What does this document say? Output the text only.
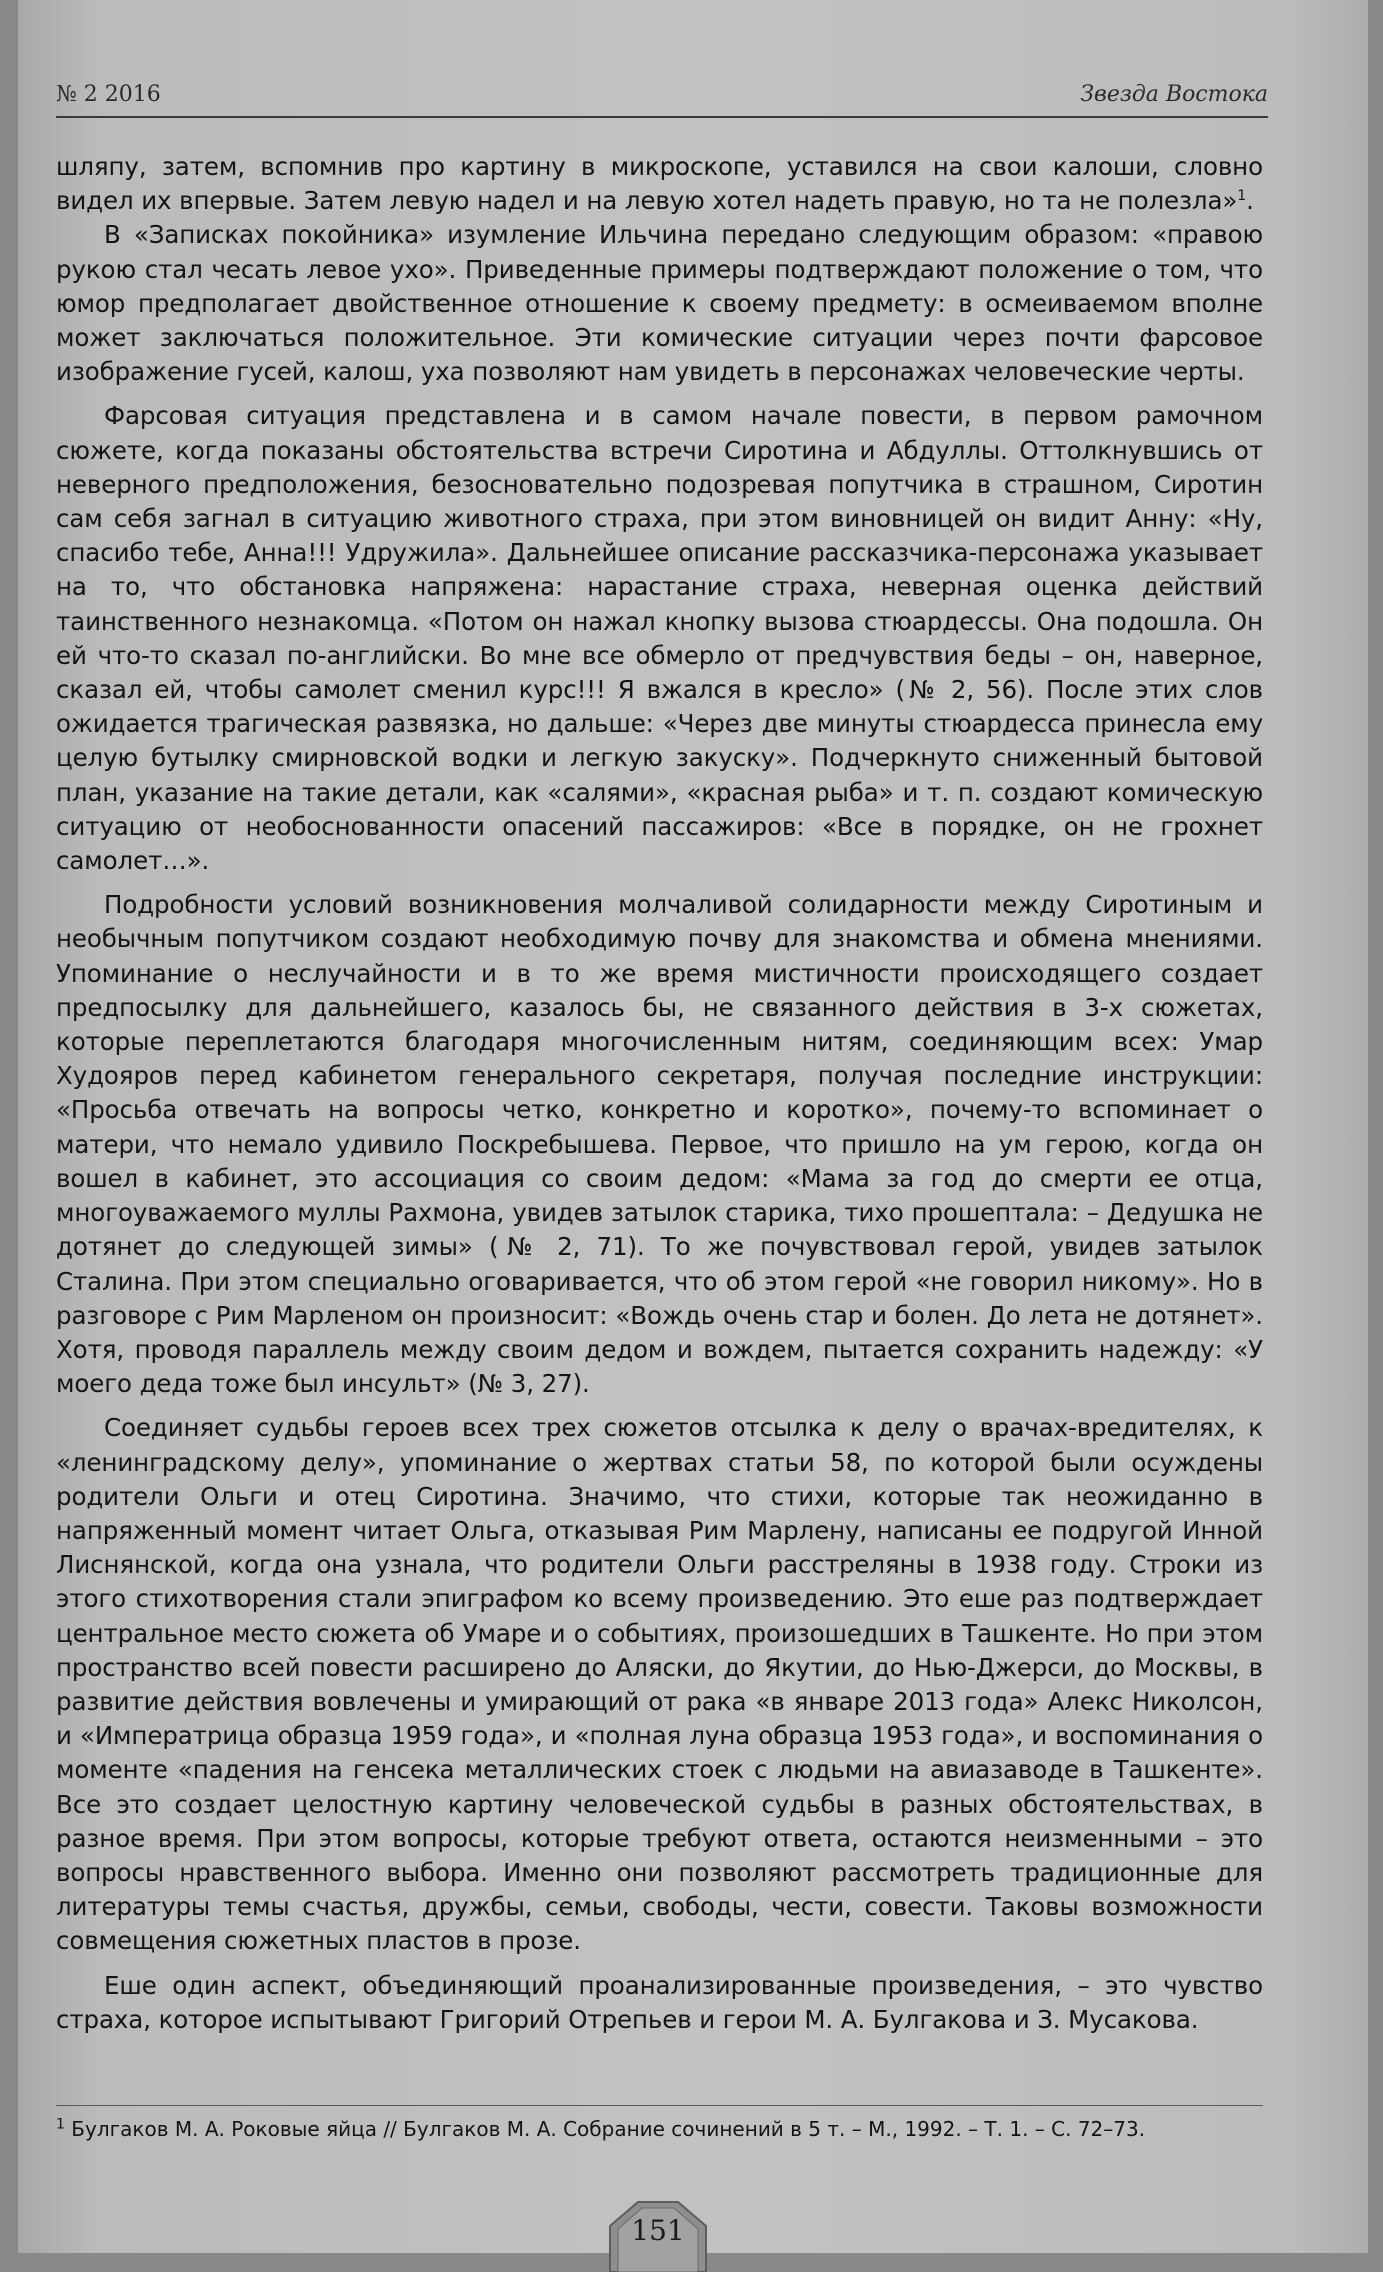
№ 2 2016	Звезда Востока

шляпу, затем, вспомнив про картину в микроскопе, уставился на свои калоши, словно видел их впервые. Затем левую надел и на левую хотел надеть правую, но та не полезла»$^1$.

В «Записках покойника» изумление Ильчина передано следующим образом: «правою рукою стал чесать левое ухо». Приведенные примеры подтверждают положение о том, что юмор предполагает двойственное отношение к своему предмету: в осмеиваемом вполне может заключаться положительное. Эти комические ситуации через почти фарсовое изображение гусей, калош, уха позволяют нам увидеть в персонажах человеческие черты.

Фарсовая ситуация представлена и в самом начале повести, в первом рамочном сюжете, когда показаны обстоятельства встречи Сиротина и Абдуллы. Оттолкнувшись от неверного предположения, безосновательно подозревая попутчика в страшном, Сиротин сам себя загнал в ситуацию животного страха, при этом виновницей он видит Анну: «Ну, спасибо тебе, Анна!!! Удружила». Дальнейшее описание рассказчика-персонажа указывает на то, что обстановка напряжена: нарастание страха, неверная оценка действий таинственного незнакомца. «Потом он нажал кнопку вызова стюардессы. Она подошла. Он ей что-то сказал по-английски. Во мне все обмерло от предчувствия беды – он, наверное, сказал ей, чтобы самолет сменил курс!!! Я вжался в кресло» (№ 2, 56). После этих слов ожидается трагическая развязка, но дальше: «Через две минуты стюардесса принесла ему целую бутылку смирновской водки и легкую закуску». Подчеркнуто сниженный бытовой план, указание на такие детали, как «салями», «красная рыба» и т. п. создают комическую ситуацию от необоснованности опасений пассажиров: «Все в порядке, он не грохнет самолет…».

Подробности условий возникновения молчаливой солидарности между Сиротиным и необычным попутчиком создают необходимую почву для знакомства и обмена мнениями. Упоминание о неслучайности и в то же время мистичности происходящего создает предпосылку для дальнейшего, казалось бы, не связанного действия в 3-х сюжетах, которые переплетаются благодаря многочисленным нитям, соединяющим всех: Умар Худояров перед кабинетом генерального секретаря, получая последние инструкции: «Просьба отвечать на вопросы четко, конкретно и коротко», почему-то вспоминает о матери, что немало удивило Поскребышева. Первое, что пришло на ум герою, когда он вошел в кабинет, это ассоциация со своим дедом: «Мама за год до смерти ее отца, многоуважаемого муллы Рахмона, увидев затылок старика, тихо прошептала: – Дедушка не дотянет до следующей зимы» (№ 2, 71). То же почувствовал герой, увидев затылок Сталина. При этом специально оговаривается, что об этом герой «не говорил никому». Но в разговоре с Рим Марленом он произносит: «Вождь очень стар и болен. До лета не дотянет». Хотя, проводя параллель между своим дедом и вождем, пытается сохранить надежду: «У моего деда тоже был инсульт» (№ 3, 27).

Соединяет судьбы героев всех трех сюжетов отсылка к делу о врачах-вредителях, к «ленинградскому делу», упоминание о жертвах статьи 58, по которой были осуждены родители Ольги и отец Сиротина. Значимо, что стихи, которые так неожиданно в напряженный момент читает Ольга, отказывая Рим Марлену, написаны ее подругой Инной Лиснянской, когда она узнала, что родители Ольги расстреляны в 1938 году. Строки из этого стихотворения стали эпиграфом ко всему произведению. Это еше раз подтверждает центральное место сюжета об Умаре и о событиях, произошедших в Ташкенте. Но при этом пространство всей повести расширено до Аляски, до Якутии, до Нью-Джерси, до Москвы, в развитие действия вовлечены и умирающий от рака «в январе 2013 года» Алекс Николсон, и «Императрица образца 1959 года», и «полная луна образца 1953 года», и воспоминания о моменте «падения на генсека металлических стоек с людьми на авиазаводе в Ташкенте». Все это создает целостную картину человеческой судьбы в разных обстоятельствах, в разное время. При этом вопросы, которые требуют ответа, остаются неизменными – это вопросы нравственного выбора. Именно они позволяют рассмотреть традиционные для литературы темы счастья, дружбы, семьи, свободы, чести, совести. Таковы возможности совмещения сюжетных пластов в прозе.

Еше один аспект, объединяющий проанализированные произведения, – это чувство страха, которое испытывают Григорий Отрепьев и герои М. А. Булгакова и З. Мусакова.

$^1$ Булгаков М. А. Роковые яйца // Булгаков М. А. Собрание сочинений в 5 т. – М., 1992. – Т. 1. – С. 72–73.
151
